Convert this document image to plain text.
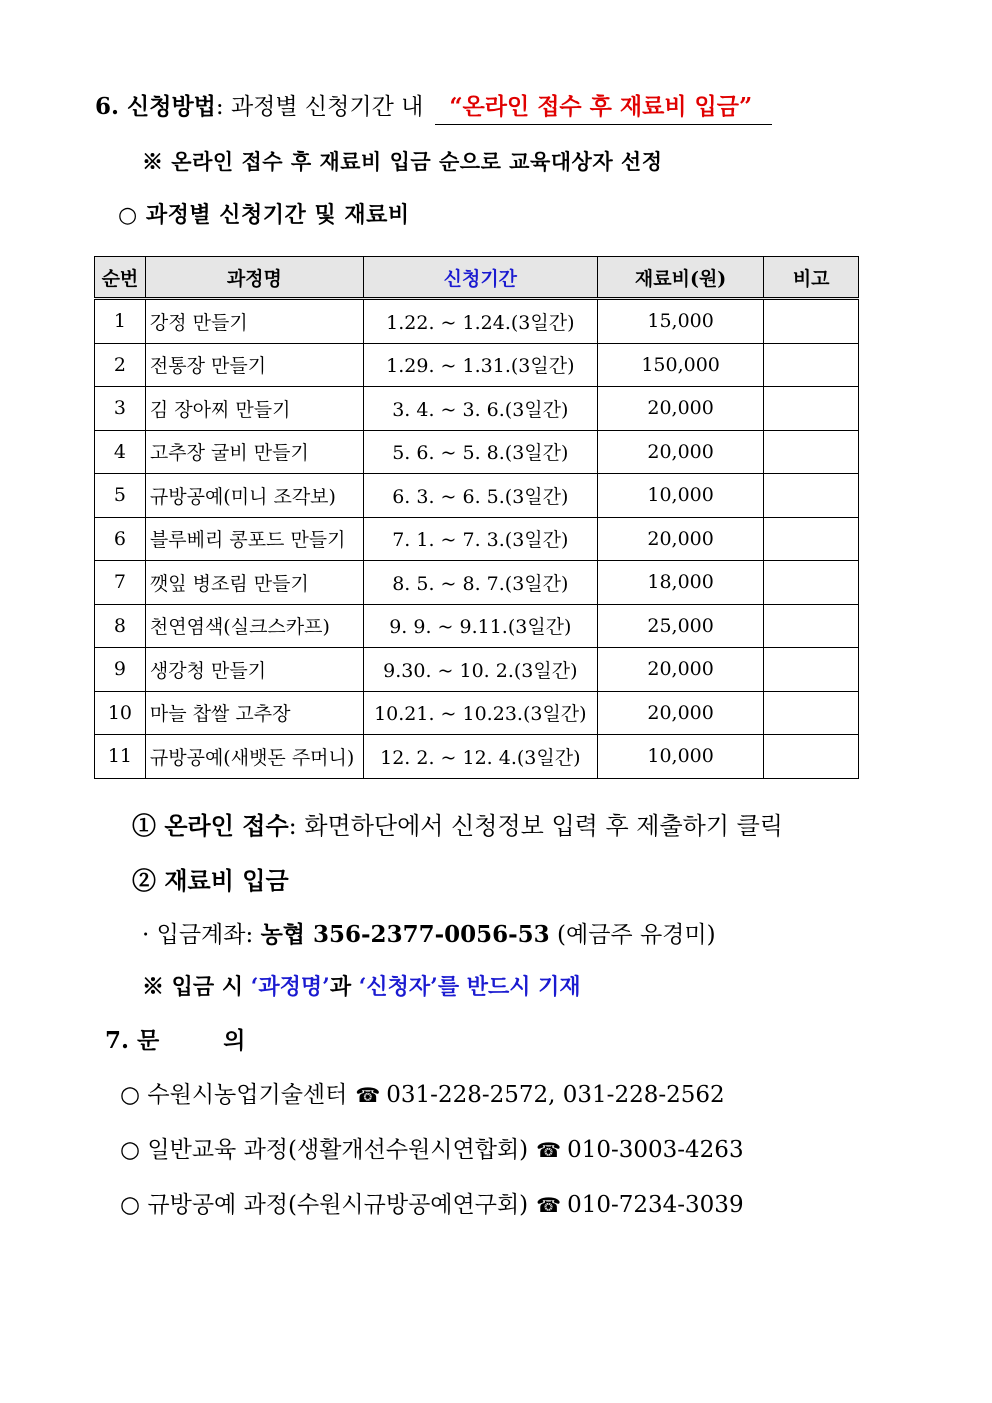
6. 신청방법: 과정별 신청기간 내 “온라인 접수 후 재료비 입금”
※ 온라인 접수 후 재료비 입금 순으로 교육대상자 선정
○ 과정별 신청기간 및 재료비
순번	과정명	신청기간	재료비(원)	비고
1	강정 만들기	1.22. ~ 1.24.(3일간)	15,000	
2	전통장 만들기	1.29. ~ 1.31.(3일간)	150,000	
3	김 장아찌 만들기	3. 4. ~ 3. 6.(3일간)	20,000	
4	고추장 굴비 만들기	5. 6. ~ 5. 8.(3일간)	20,000	
5	규방공예(미니 조각보)	6. 3. ~ 6. 5.(3일간)	10,000	
6	블루베리 콩포드 만들기	7. 1. ~ 7. 3.(3일간)	20,000	
7	깻잎 병조림 만들기	8. 5. ~ 8. 7.(3일간)	18,000	
8	천연염색(실크스카프)	9. 9. ~ 9.11.(3일간)	25,000	
9	생강청 만들기	9.30. ~ 10. 2.(3일간)	20,000	
10	마늘 찹쌀 고추장	10.21. ~ 10.23.(3일간)	20,000	
11	규방공예(새뱃돈 주머니)	12. 2. ~ 12. 4.(3일간)	10,000	
① 온라인 접수: 화면하단에서 신청정보 입력 후 제출하기 클릭
② 재료비 입금
· 입금계좌: 농협 356-2377-0056-53 (예금주 유경미)
※ 입금 시 ‘과정명’과 ‘신청자’를 반드시 기재
7. 문 의
○ 수원시농업기술센터 ☎ 031-228-2572, 031-228-2562
○ 일반교육 과정(생활개선수원시연합회) ☎ 010-3003-4263
○ 규방공예 과정(수원시규방공예연구회) ☎ 010-7234-3039
